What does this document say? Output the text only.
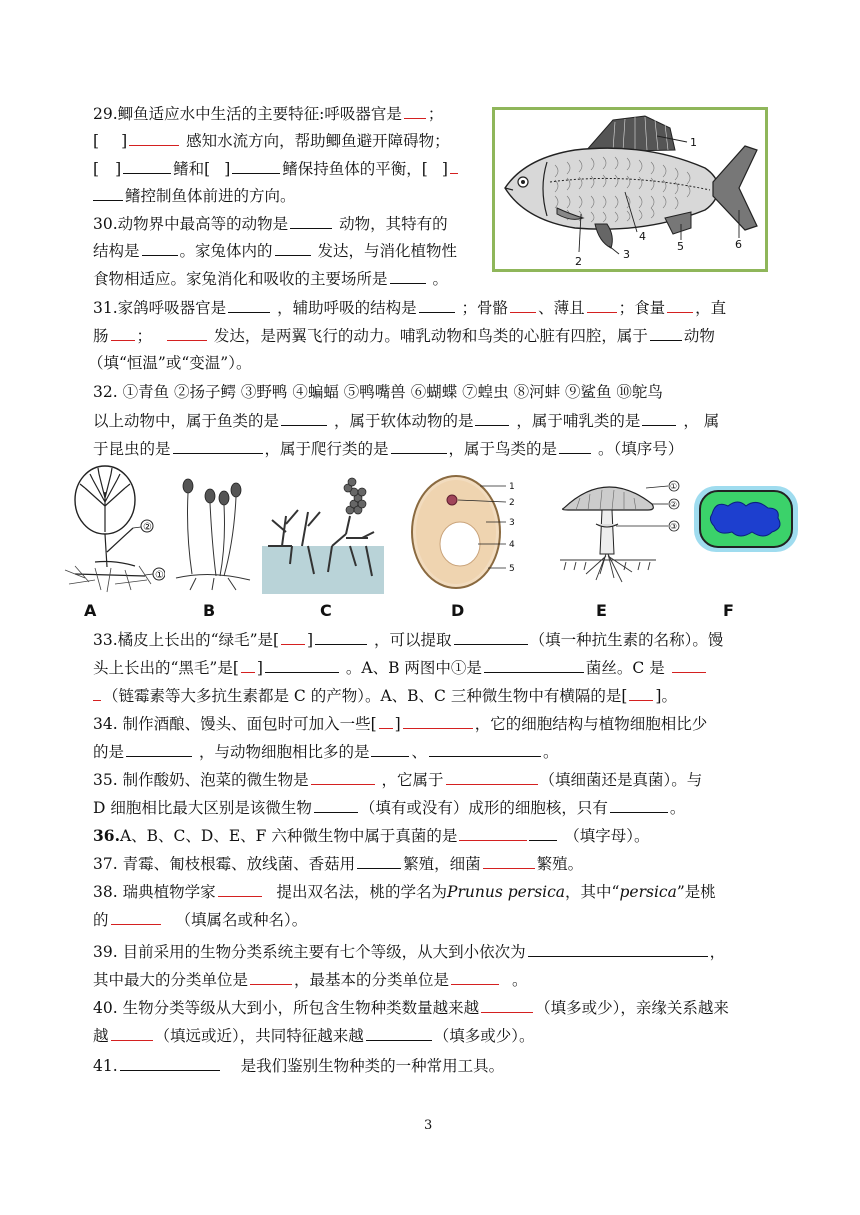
29.鲫鱼适应水中生活的主要特征:呼吸器官是 ；
[ ]	感知水流方向，帮助鲫鱼避开障碍物；
[ ]	鳍和[ ]	鳍保持鱼体的平衡，[ ]
鳍控制鱼体前进的方向。
30.动物界中最高等的动物是	动物，其特有的
结构是	。家兔体内的	发达，与消化植物性
食物相适应。家兔消化和吸收的主要场所是	。
1
2
3
4
5	6
31.家鸽呼吸器官是	，辅助呼吸的结构是	；骨骼 、薄且 ；食量 ，直
肠 ；	发达，是两翼飞行的动力。哺乳动物和鸟类的心脏有四腔，属于 动物
（填“恒温”或“变温”）。
32. ①青鱼 ②扬子鳄 ③野鸭 ④蝙蝠 ⑤鸭嘴兽 ⑥蝴蝶 ⑦蝗虫 ⑧河蚌 ⑨鲨鱼 ⑩鸵鸟
以上动物中，属于鱼类的是	，属于软体动物的是	，属于哺乳类的是	， 属
于昆虫的是	，属于爬行类的是	，属于鸟类的是	。（填序号）
②
①
1
2
3
4
5
①
②
③
A	B	C	D	E	F
33.橘皮上长出的“绿毛”是[ ]	，可以提取	（填一种抗生素的名称）。馒
头上长出的“黑毛”是[ ]	。A、B 两图中①是	菌丝。C 是
（链霉素等大多抗生素都是 C 的产物）。A、B、C 三种微生物中有横隔的是[ ]。
34. 制作酒酿、馒头、面包时可加入一些[ ]	，它的细胞结构与植物细胞相比少
的是	，与动物细胞相比多的是	、	。
35. 制作酸奶、泡菜的微生物是	，它属于	（填细菌还是真菌）。与
D 细胞相比最大区别是该微生物	（填有或没有）成形的细胞核，只有	。
36.A、B、C、D、E、F 六种微生物中属于真菌的是	（填字母）。
37. 青霉、匍枝根霉、放线菌、香菇用	繁殖，细菌	繁殖。
38. 瑞典植物学家	提出双名法，桃的学名为Prunus persica，其中“persica”是桃
的	（填属名或种名）。
39. 目前采用的生物分类系统主要有七个等级，从大到小依次为	，
其中最大的分类单位是	，最基本的分类单位是	。
40. 生物分类等级从大到小，所包含生物种类数量越来越	（填多或少），亲缘关系越来
越	（填远或近），共同特征越来越	（填多或少）。
41.	是我们鉴别生物种类的一种常用工具。
3
